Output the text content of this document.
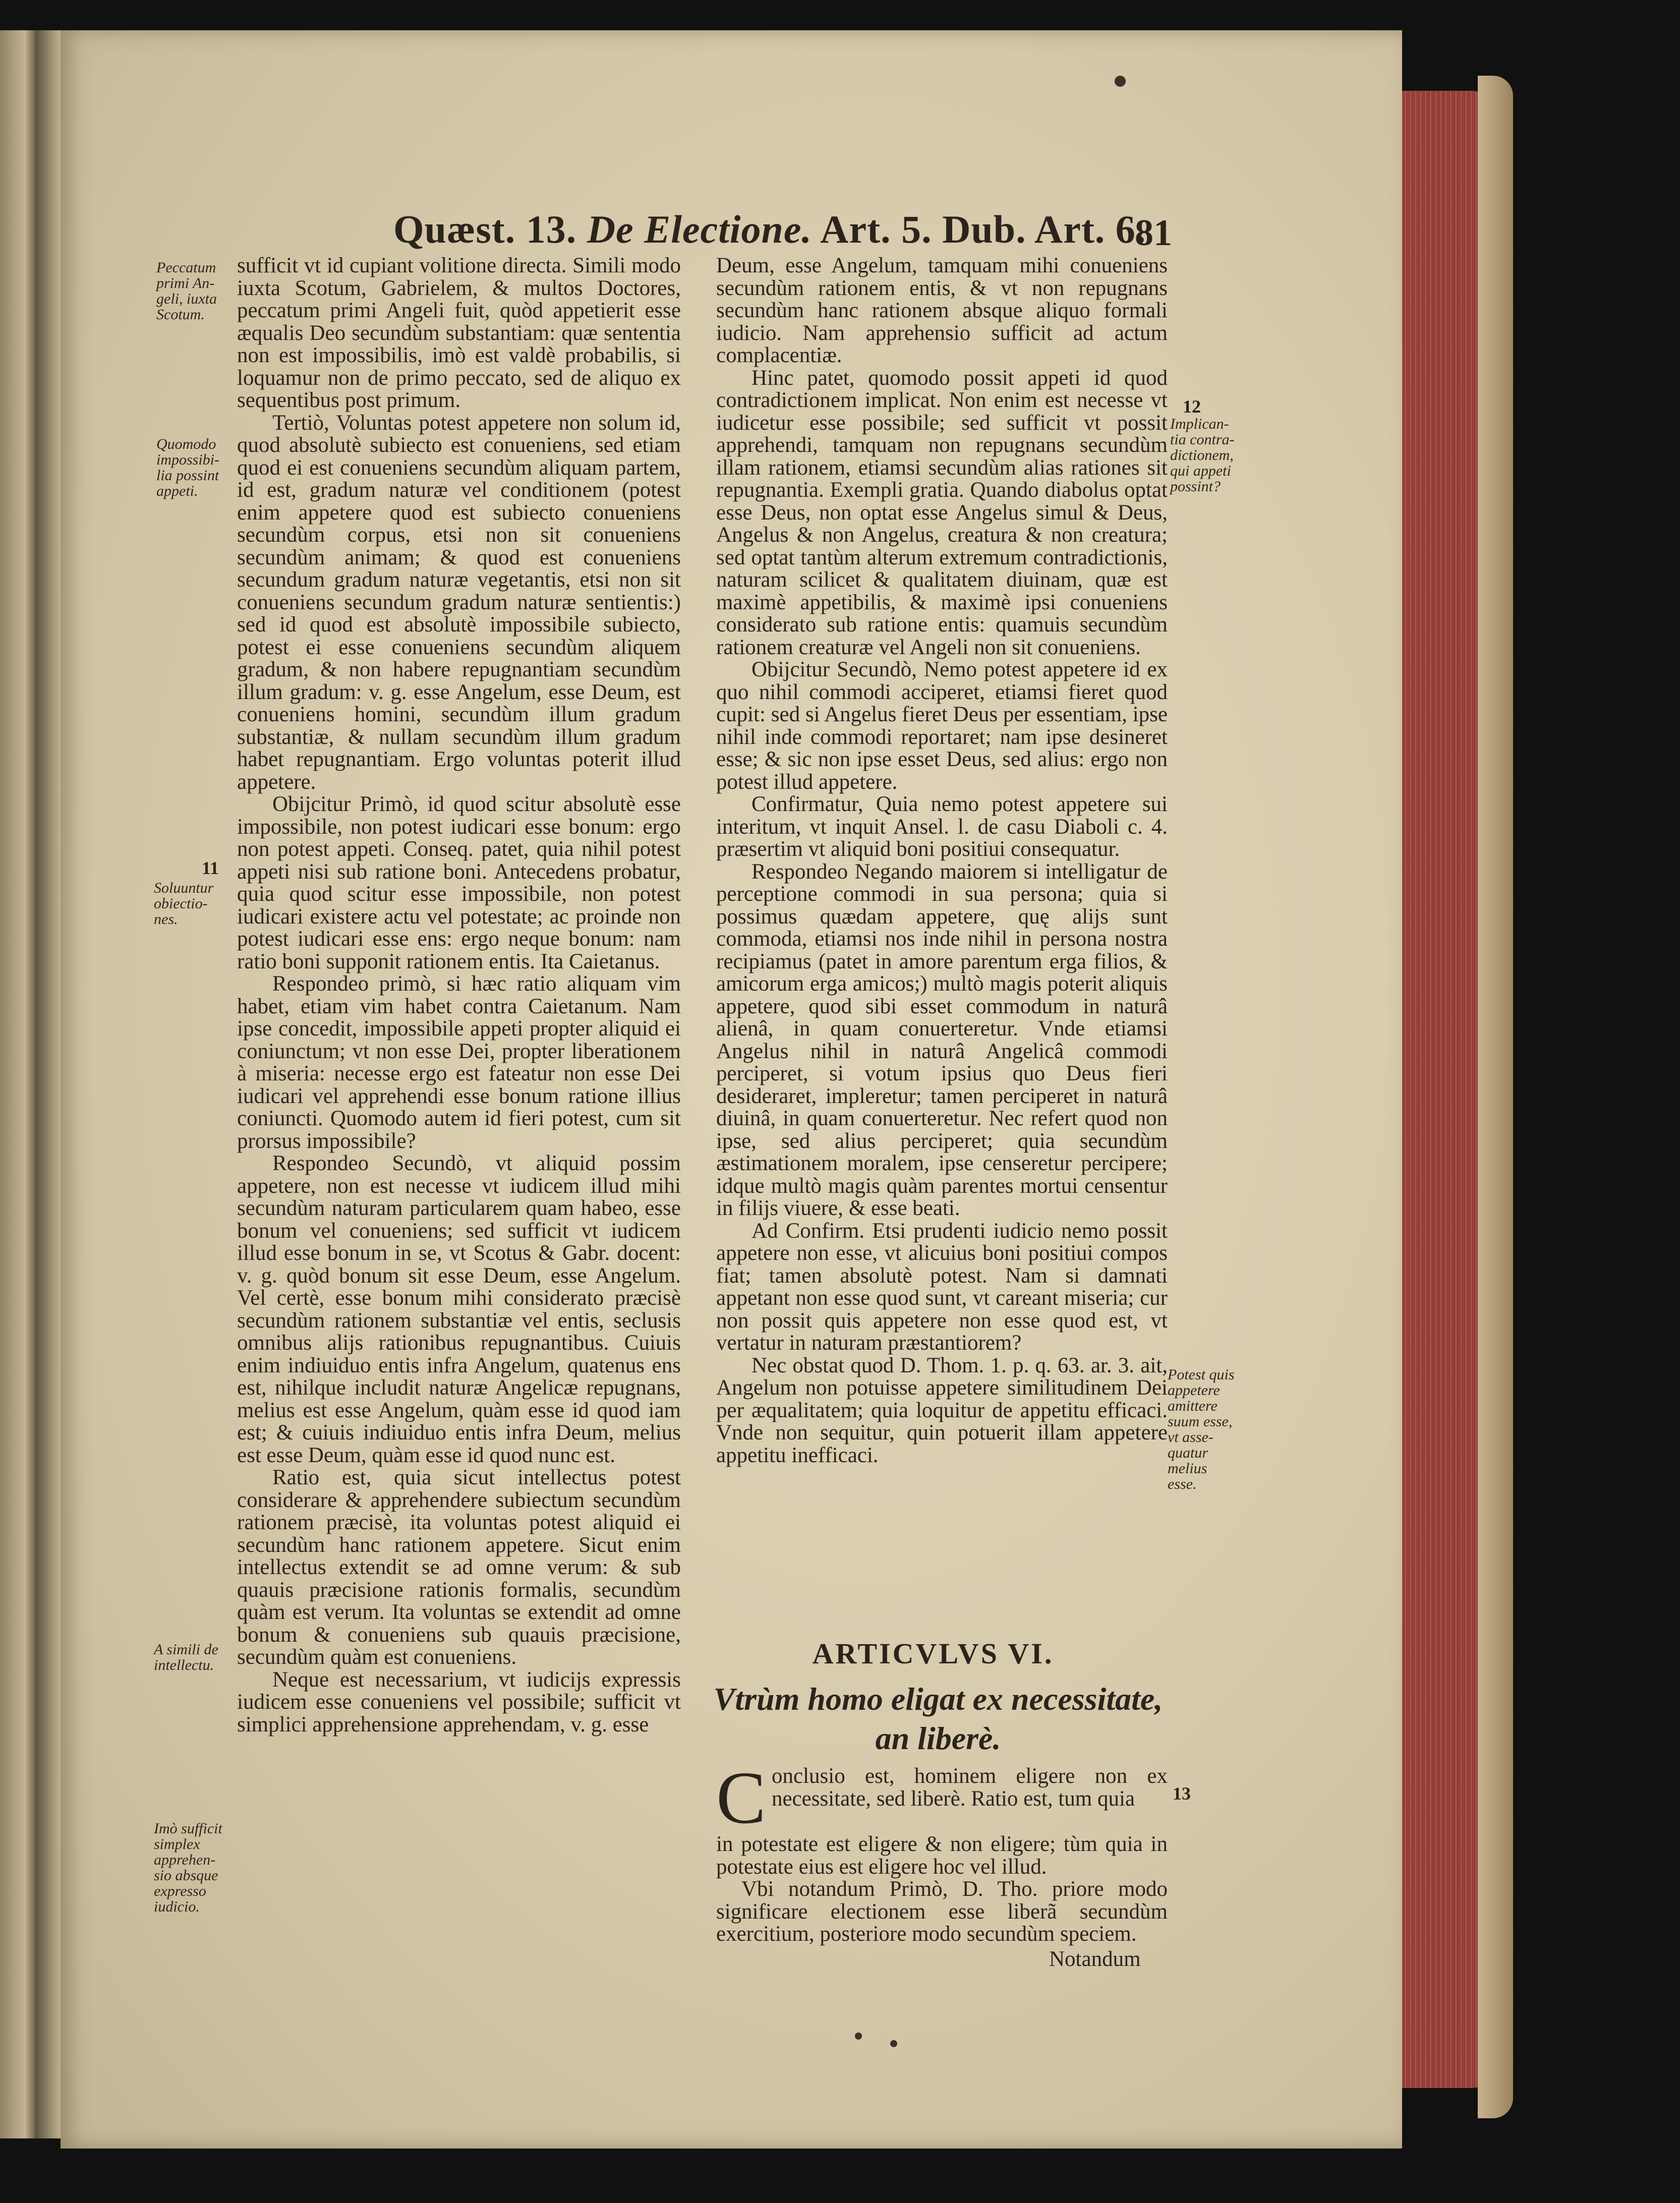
Quæst. 13. De Electione. Art. 5. Dub. Art. 6.
81
Peccatum
primi An-
geli, iuxta
Scotum.
Quomodo
impossibi-
lia possint
appeti.
11
Soluuntur
obiectio-
nes.
A simili de
intellectu.
Imò sufficit
simplex
apprehen-
sio absque
expresso
iudicio.
12
Implican-
tia contra-
dictionem,
qui appeti
possint?
Potest quis
appetere
amittere
suum esse,
vt asse-
quatur
melius
esse.
13

sufficit vt id cupiant volitione directa. Simili modo iuxta Scotum, Gabrielem, & multos Doctores, peccatum primi Angeli fuit, quòd appetierit esse æqualis Deo secundùm substantiam: quæ sententia non est impossibilis, imò est valdè probabilis, si loquamur non de primo peccato, sed de aliquo ex sequentibus post primum.

Tertiò, Voluntas potest appetere non solum id, quod absolutè subiecto est conueniens, sed etiam quod ei est conueniens secundùm aliquam partem, id est, gradum naturæ vel conditionem (potest enim appetere quod est subiecto conueniens secundùm corpus, etsi non sit conueniens secundùm animam; & quod est conueniens secundum gradum naturæ vegetantis, etsi non sit conueniens secundum gradum naturæ sentientis:) sed id quod est absolutè impossibile subiecto, potest ei esse conueniens secundùm aliquem gradum, & non habere repugnantiam secundùm illum gradum: v. g. esse Angelum, esse Deum, est conueniens homini, secundùm illum gradum substantiæ, & nullam secundùm illum gradum habet repugnantiam. Ergo voluntas poterit illud appetere.

Obijcitur Primò, id quod scitur absolutè esse impossibile, non potest iudicari esse bonum: ergo non potest appeti. Conseq. patet, quia nihil potest appeti nisi sub ratione boni. Antecedens probatur, quia quod scitur esse impossibile, non potest iudicari existere actu vel potestate; ac proinde non potest iudicari esse ens: ergo neque bonum: nam ratio boni supponit rationem entis. Ita Caietanus.

Respondeo primò, si hæc ratio aliquam vim habet, etiam vim habet contra Caietanum. Nam ipse concedit, impossibile appeti propter aliquid ei coniunctum; vt non esse Dei, propter liberationem à miseria: necesse ergo est fateatur non esse Dei iudicari vel apprehendi esse bonum ratione illius coniuncti. Quomodo autem id fieri potest, cum sit prorsus impossibile?

Respondeo Secundò, vt aliquid possim appetere, non est necesse vt iudicem illud mihi secundùm naturam particularem quam habeo, esse bonum vel conueniens; sed sufficit vt iudicem illud esse bonum in se, vt Scotus & Gabr. docent: v. g. quòd bonum sit esse Deum, esse Angelum. Vel certè, esse bonum mihi considerato præcisè secundùm rationem substantiæ vel entis, seclusis omnibus alijs rationibus repugnantibus. Cuiuis enim indiuiduo entis infra Angelum, quatenus ens est, nihilque includit naturæ Angelicæ repugnans, melius est esse Angelum, quàm esse id quod iam est; & cuiuis indiuiduo entis infra Deum, melius est esse Deum, quàm esse id quod nunc est.

Ratio est, quia sicut intellectus potest considerare & apprehendere subiectum secundùm rationem præcisè, ita voluntas potest aliquid ei secundùm hanc rationem appetere. Sicut enim intellectus extendit se ad omne verum: & sub quauis præcisione rationis formalis, secundùm quàm est verum. Ita voluntas se extendit ad omne bonum & conueniens sub quauis præcisione, secundùm quàm est conueniens.

Neque est necessarium, vt iudicijs expressis iudicem esse conueniens vel possibile; sufficit vt simplici apprehensione apprehendam, v. g. esse

Deum, esse Angelum, tamquam mihi conueniens secundùm rationem entis, & vt non repugnans secundùm hanc rationem absque aliquo formali iudicio. Nam apprehensio sufficit ad actum complacentiæ.

Hinc patet, quomodo possit appeti id quod contradictionem implicat. Non enim est necesse vt iudicetur esse possibile; sed sufficit vt possit apprehendi, tamquam non repugnans secundùm illam rationem, etiamsi secundùm alias rationes sit repugnantia. Exempli gratia. Quando diabolus optat esse Deus, non optat esse Angelus simul & Deus, Angelus & non Angelus, creatura & non creatura; sed optat tantùm alterum extremum contradictionis, naturam scilicet & qualitatem diuinam, quæ est maximè appetibilis, & maximè ipsi conueniens considerato sub ratione entis: quamuis secundùm rationem creaturæ vel Angeli non sit conueniens.

Obijcitur Secundò, Nemo potest appetere id ex quo nihil commodi acciperet, etiamsi fieret quod cupit: sed si Angelus fieret Deus per essentiam, ipse nihil inde commodi reportaret; nam ipse desineret esse; & sic non ipse esset Deus, sed alius: ergo non potest illud appetere.

Confirmatur, Quia nemo potest appetere sui interitum, vt inquit Ansel. l. de casu Diaboli c. 4. præsertim vt aliquid boni positiui consequatur.

Respondeo Negando maiorem si intelligatur de perceptione commodi in sua persona; quia si possimus quædam appetere, quę alijs sunt commoda, etiamsi nos inde nihil in persona nostra recipiamus (patet in amore parentum erga filios, & amicorum erga amicos;) multò magis poterit aliquis appetere, quod sibi esset commodum in naturâ alienâ, in quam conuerteretur. Vnde etiamsi Angelus nihil in naturâ Angelicâ commodi perciperet, si votum ipsius quo Deus fieri desideraret, impleretur; tamen perciperet in naturâ diuinâ, in quam conuerteretur. Nec refert quod non ipse, sed alius perciperet; quia secundùm æstimationem moralem, ipse censeretur percipere; idque multò magis quàm parentes mortui censentur in filijs viuere, & esse beati.

Ad Confirm. Etsi prudenti iudicio nemo possit appetere non esse, vt alicuius boni positiui compos fiat; tamen absolutè potest. Nam si damnati appetant non esse quod sunt, vt careant miseria; cur non possit quis appetere non esse quod est, vt vertatur in naturam præstantiorem?

Nec obstat quod D. Thom. 1. p. q. 63. ar. 3. ait, Angelum non potuisse appetere similitudinem Dei per æqualitatem; quia loquitur de appetitu efficaci. Vnde non sequitur, quin potuerit illam appetere appetitu inefficaci.

ARTICVLVS VI.
Vtrùm homo eligat ex necessitate,
an liberè.
C onclusio est, hominem eligere non ex necessitate, sed liberè. Ratio est, tum quia

in potestate est eligere & non eligere; tùm quia in potestate eius est eligere hoc vel illud.

Vbi notandum Primò, D. Tho. priore modo significare electionem esse liberã secundùm exercitium, posteriore modo secundùm speciem.

Notandum
